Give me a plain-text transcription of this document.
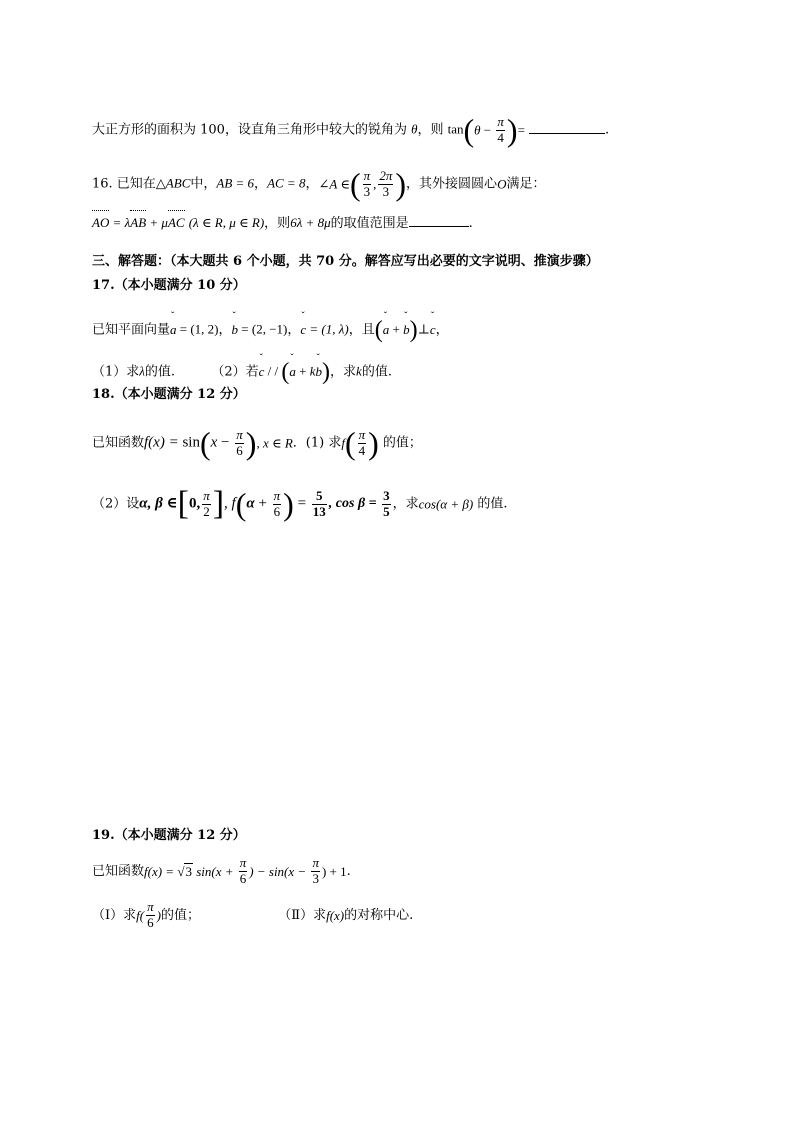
大正方形的面积为 100，设直角三角形中较大的锐角为 θ，则 $\tan(\theta - \frac{\pi}{4}$ )=	.
16. 已知在△ABC中，AB = 6，AC = 8，∠A ∈( $\frac{\pi}{3}$ , $\frac{2\pi}{3}$ )，其外接圆圆心O满足：
AO = λAB + μAC (λ ∈ R, μ ∈ R)，则6λ + 8μ的取值范围是	.
三、解答题：（本大题共 6 个小题，共 70 分。解答应写出必要的文字说明、推演步骤）
17.（本小题满分 10 分）
已知平面向量ˇ a = (1, 2)，ˇ b = (2, −1)，ˇ c = (1, λ)，且(ˇ a + ˇ b)⊥ˇ c，
（1）求λ的值.	（2）若ˇ c / / (ˇ a + kˇ b)，求k的值.
18.（本小题满分 12 分）
已知函数$f(x) = \sin(x - \frac{\pi}{6}$ ), x ∈ R．(1) 求$f( \frac{\pi}{4}$ ) 的值；
（2）设α, β ∈[0, $\frac{\pi}{2}$ ], $f(\alpha + \frac{\pi}{6}$ ) = $\frac{5}{13}$ , $\cos \beta = \frac{3}{5}$ ，求cos(α + β) 的值.
19.（本小题满分 12 分）
已知函数f(x) = √3 $\sin(x + \frac{\pi}{6}$ ) − $\sin(x - \frac{\pi}{3}$ ) + 1.
（Ⅰ）求$f( \frac{\pi}{6}$ )的值；	（Ⅱ）求f(x)的对称中心.
